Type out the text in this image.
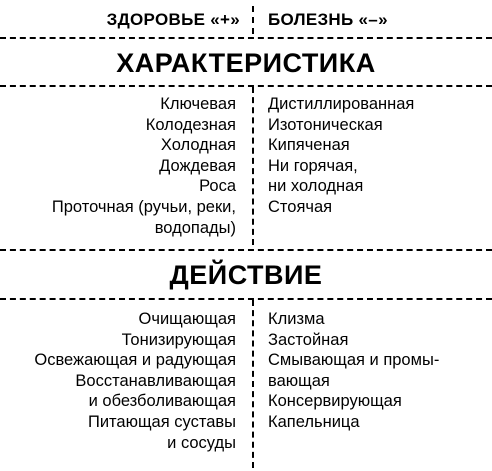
ЗДОРОВЬЕ «+» БОЛЕЗНЬ «–»
ХАРАКТЕРИСТИКА
Ключевая
Колодезная
Холодная
Дождевая
Роса
Проточная (ручьи, реки,
водопады)
Дистиллированная
Изотоническая
Кипяченая
Ни горячая,
ни холодная
Стоячая
ДЕЙСТВИЕ
Очищающая
Тонизирующая
Освежающая и радующая
Восстанавливающая
и обезболивающая
Питающая суставы
и сосуды
Клизма
Застойная
Смывающая и промы-
вающая
Консервирующая
Капельница
